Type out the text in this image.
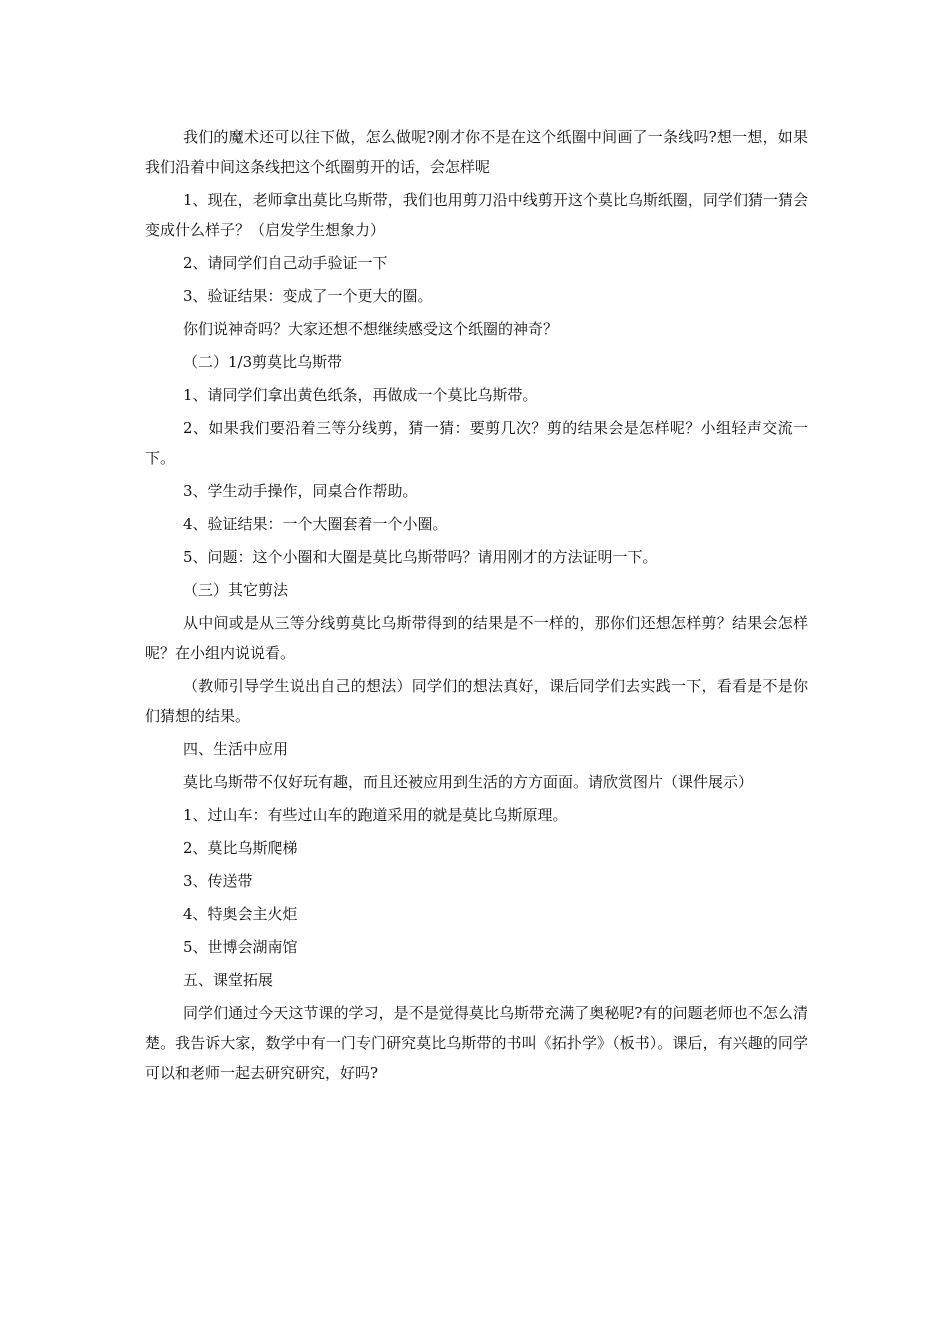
我们的魔术还可以往下做，怎么做呢?刚才你不是在这个纸圈中间画了一条线吗?想一想，如果我们沿着中间这条线把这个纸圈剪开的话，会怎样呢

1、现在，老师拿出莫比乌斯带，我们也用剪刀沿中线剪开这个莫比乌斯纸圈，同学们猜一猜会变成什么样子？（启发学生想象力）

2、请同学们自己动手验证一下

3、验证结果：变成了一个更大的圈。

你们说神奇吗？大家还想不想继续感受这个纸圈的神奇？

（二）1/3剪莫比乌斯带

1、请同学们拿出黄色纸条，再做成一个莫比乌斯带。

2、如果我们要沿着三等分线剪，猜一猜：要剪几次？剪的结果会是怎样呢？小组轻声交流一下。

3、学生动手操作，同桌合作帮助。

4、验证结果：一个大圈套着一个小圈。

5、问题：这个小圈和大圈是莫比乌斯带吗？请用刚才的方法证明一下。

（三）其它剪法

从中间或是从三等分线剪莫比乌斯带得到的结果是不一样的，那你们还想怎样剪？结果会怎样呢？在小组内说说看。

（教师引导学生说出自己的想法）同学们的想法真好，课后同学们去实践一下，看看是不是你们猜想的结果。

四、生活中应用

莫比乌斯带不仅好玩有趣，而且还被应用到生活的方方面面。请欣赏图片（课件展示）

1、过山车：有些过山车的跑道采用的就是莫比乌斯原理。

2、莫比乌斯爬梯

3、传送带

4、特奥会主火炬

5、世博会湖南馆

五、课堂拓展

同学们通过今天这节课的学习，是不是觉得莫比乌斯带充满了奥秘呢?有的问题老师也不怎么清楚。我告诉大家，数学中有一门专门研究莫比乌斯带的书叫《拓扑学》（板书）。课后，有兴趣的同学可以和老师一起去研究研究，好吗?
